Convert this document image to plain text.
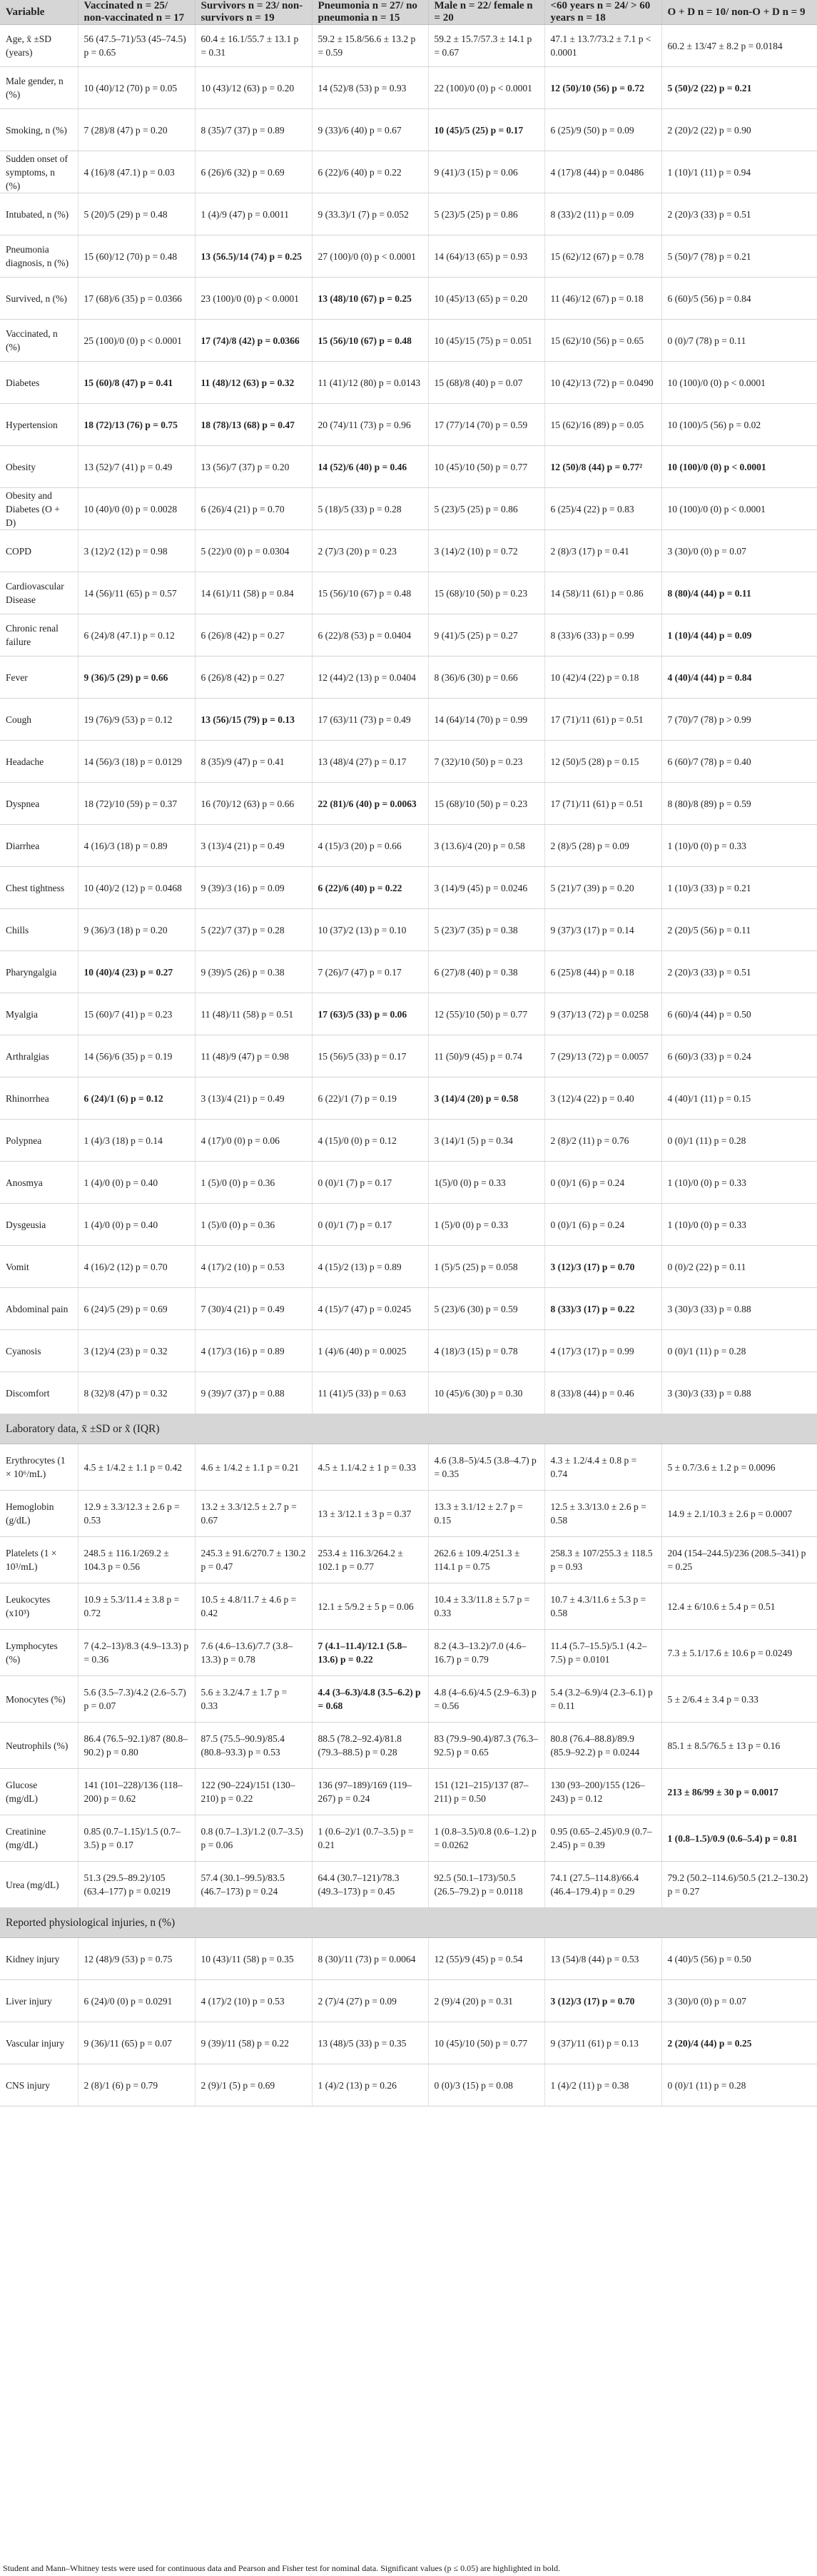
Variable	Vaccinated n = 25/ non-vaccinated n = 17	Survivors n = 23/ non-survivors n = 19	Pneumonia n = 27/ no pneumonia n = 15	Male n = 22/ female n = 20	<60 years n = 24/ > 60 years n = 18	O + D n = 10/ non-O + D n = 9
Age, x̄ ±SD (years)	56 (47.5–71)/53 (45–74.5) p = 0.65	60.4 ± 16.1/55.7 ± 13.1 p = 0.31	59.2 ± 15.8/56.6 ± 13.2 p = 0.59	59.2 ± 15.7/57.3 ± 14.1 p = 0.67	47.1 ± 13.7/73.2 ± 7.1 p < 0.0001	60.2 ± 13/47 ± 8.2 p = 0.0184
Male gender, n (%)	10 (40)/12 (70) p = 0.05	10 (43)/12 (63) p = 0.20	14 (52)/8 (53) p = 0.93	22 (100)/0 (0) p < 0.0001	12 (50)/10 (56) p = 0.72	5 (50)/2 (22) p = 0.21
Smoking, n (%)	7 (28)/8 (47) p = 0.20	8 (35)/7 (37) p = 0.89	9 (33)/6 (40) p = 0.67	10 (45)/5 (25) p = 0.17	6 (25)/9 (50) p = 0.09	2 (20)/2 (22) p = 0.90
Sudden onset of symptoms, n (%)	4 (16)/8 (47.1) p = 0.03	6 (26)/6 (32) p = 0.69	6 (22)/6 (40) p = 0.22	9 (41)/3 (15) p = 0.06	4 (17)/8 (44) p = 0.0486	1 (10)/1 (11) p = 0.94
Intubated, n (%)	5 (20)/5 (29) p = 0.48	1 (4)/9 (47) p = 0.0011	9 (33.3)/1 (7) p = 0.052	5 (23)/5 (25) p = 0.86	8 (33)/2 (11) p = 0.09	2 (20)/3 (33) p = 0.51
Pneumonia diagnosis, n (%)	15 (60)/12 (70) p = 0.48	13 (56.5)/14 (74) p = 0.25	27 (100)/0 (0) p < 0.0001	14 (64)/13 (65) p = 0.93	15 (62)/12 (67) p = 0.78	5 (50)/7 (78) p = 0.21
Survived, n (%)	17 (68)/6 (35) p = 0.0366	23 (100)/0 (0) p < 0.0001	13 (48)/10 (67) p = 0.25	10 (45)/13 (65) p = 0.20	11 (46)/12 (67) p = 0.18	6 (60)/5 (56) p = 0.84
Vaccinated, n (%)	25 (100)/0 (0) p < 0.0001	17 (74)/8 (42) p = 0.0366	15 (56)/10 (67) p = 0.48	10 (45)/15 (75) p = 0.051	15 (62)/10 (56) p = 0.65	0 (0)/7 (78) p = 0.11
Diabetes	15 (60)/8 (47) p = 0.41	11 (48)/12 (63) p = 0.32	11 (41)/12 (80) p = 0.0143	15 (68)/8 (40) p = 0.07	10 (42)/13 (72) p = 0.0490	10 (100)/0 (0) p < 0.0001
Hypertension	18 (72)/13 (76) p = 0.75	18 (78)/13 (68) p = 0.47	20 (74)/11 (73) p = 0.96	17 (77)/14 (70) p = 0.59	15 (62)/16 (89) p = 0.05	10 (100)/5 (56) p = 0.02
Obesity	13 (52)/7 (41) p = 0.49	13 (56)/7 (37) p = 0.20	14 (52)/6 (40) p = 0.46	10 (45)/10 (50) p = 0.77	12 (50)/8 (44) p = 0.77²	10 (100)/0 (0) p < 0.0001
Obesity and Diabetes (O + D)	10 (40)/0 (0) p = 0.0028	6 (26)/4 (21) p = 0.70	5 (18)/5 (33) p = 0.28	5 (23)/5 (25) p = 0.86	6 (25)/4 (22) p = 0.83	10 (100)/0 (0) p < 0.0001
COPD	3 (12)/2 (12) p = 0.98	5 (22)/0 (0) p = 0.0304	2 (7)/3 (20) p = 0.23	3 (14)/2 (10) p = 0.72	2 (8)/3 (17) p = 0.41	3 (30)/0 (0) p = 0.07
Cardiovascular Disease	14 (56)/11 (65) p = 0.57	14 (61)/11 (58) p = 0.84	15 (56)/10 (67) p = 0.48	15 (68)/10 (50) p = 0.23	14 (58)/11 (61) p = 0.86	8 (80)/4 (44) p = 0.11
Chronic renal failure	6 (24)/8 (47.1) p = 0.12	6 (26)/8 (42) p = 0.27	6 (22)/8 (53) p = 0.0404	9 (41)/5 (25) p = 0.27	8 (33)/6 (33) p = 0.99	1 (10)/4 (44) p = 0.09
Fever	9 (36)/5 (29) p = 0.66	6 (26)/8 (42) p = 0.27	12 (44)/2 (13) p = 0.0404	8 (36)/6 (30) p = 0.66	10 (42)/4 (22) p = 0.18	4 (40)/4 (44) p = 0.84
Cough	19 (76)/9 (53) p = 0.12	13 (56)/15 (79) p = 0.13	17 (63)/11 (73) p = 0.49	14 (64)/14 (70) p = 0.99	17 (71)/11 (61) p = 0.51	7 (70)/7 (78) p > 0.99
Headache	14 (56)/3 (18) p = 0.0129	8 (35)/9 (47) p = 0.41	13 (48)/4 (27) p = 0.17	7 (32)/10 (50) p = 0.23	12 (50)/5 (28) p = 0.15	6 (60)/7 (78) p = 0.40
Dyspnea	18 (72)/10 (59) p = 0.37	16 (70)/12 (63) p = 0.66	22 (81)/6 (40) p = 0.0063	15 (68)/10 (50) p = 0.23	17 (71)/11 (61) p = 0.51	8 (80)/8 (89) p = 0.59
Diarrhea	4 (16)/3 (18) p = 0.89	3 (13)/4 (21) p = 0.49	4 (15)/3 (20) p = 0.66	3 (13.6)/4 (20) p = 0.58	2 (8)/5 (28) p = 0.09	1 (10)/0 (0) p = 0.33
Chest tightness	10 (40)/2 (12) p = 0.0468	9 (39)/3 (16) p = 0.09	6 (22)/6 (40) p = 0.22	3 (14)/9 (45) p = 0.0246	5 (21)/7 (39) p = 0.20	1 (10)/3 (33) p = 0.21
Chills	9 (36)/3 (18) p = 0.20	5 (22)/7 (37) p = 0.28	10 (37)/2 (13) p = 0.10	5 (23)/7 (35) p = 0.38	9 (37)/3 (17) p = 0.14	2 (20)/5 (56) p = 0.11
Pharyngalgia	10 (40)/4 (23) p = 0.27	9 (39)/5 (26) p = 0.38	7 (26)/7 (47) p = 0.17	6 (27)/8 (40) p = 0.38	6 (25)/8 (44) p = 0.18	2 (20)/3 (33) p = 0.51
Myalgia	15 (60)/7 (41) p = 0.23	11 (48)/11 (58) p = 0.51	17 (63)/5 (33) p = 0.06	12 (55)/10 (50) p = 0.77	9 (37)/13 (72) p = 0.0258	6 (60)/4 (44) p = 0.50
Arthralgias	14 (56)/6 (35) p = 0.19	11 (48)/9 (47) p = 0.98	15 (56)/5 (33) p = 0.17	11 (50)/9 (45) p = 0.74	7 (29)/13 (72) p = 0.0057	6 (60)/3 (33) p = 0.24
Rhinorrhea	6 (24)/1 (6) p = 0.12	3 (13)/4 (21) p = 0.49	6 (22)/1 (7) p = 0.19	3 (14)/4 (20) p = 0.58	3 (12)/4 (22) p = 0.40	4 (40)/1 (11) p = 0.15
Polypnea	1 (4)/3 (18) p = 0.14	4 (17)/0 (0) p = 0.06	4 (15)/0 (0) p = 0.12	3 (14)/1 (5) p = 0.34	2 (8)/2 (11) p = 0.76	0 (0)/1 (11) p = 0.28
Anosmya	1 (4)/0 (0) p = 0.40	1 (5)/0 (0) p = 0.36	0 (0)/1 (7) p = 0.17	1(5)/0 (0) p = 0.33	0 (0)/1 (6) p = 0.24	1 (10)/0 (0) p = 0.33
Dysgeusia	1 (4)/0 (0) p = 0.40	1 (5)/0 (0) p = 0.36	0 (0)/1 (7) p = 0.17	1 (5)/0 (0) p = 0.33	0 (0)/1 (6) p = 0.24	1 (10)/0 (0) p = 0.33
Vomit	4 (16)/2 (12) p = 0.70	4 (17)/2 (10) p = 0.53	4 (15)/2 (13) p = 0.89	1 (5)/5 (25) p = 0.058	3 (12)/3 (17) p = 0.70	0 (0)/2 (22) p = 0.11
Abdominal pain	6 (24)/5 (29) p = 0.69	7 (30)/4 (21) p = 0.49	4 (15)/7 (47) p = 0.0245	5 (23)/6 (30) p = 0.59	8 (33)/3 (17) p = 0.22	3 (30)/3 (33) p = 0.88
Cyanosis	3 (12)/4 (23) p = 0.32	4 (17)/3 (16) p = 0.89	1 (4)/6 (40) p = 0.0025	4 (18)/3 (15) p = 0.78	4 (17)/3 (17) p = 0.99	0 (0)/1 (11) p = 0.28
Discomfort	8 (32)/8 (47) p = 0.32	9 (39)/7 (37) p = 0.88	11 (41)/5 (33) p = 0.63	10 (45)/6 (30) p = 0.30	8 (33)/8 (44) p = 0.46	3 (30)/3 (33) p = 0.88
Laboratory data, x̄ ±SD or x̃ (IQR)						
Erythrocytes (1 × 10⁶/mL)	4.5 ± 1/4.2 ± 1.1 p = 0.42	4.6 ± 1/4.2 ± 1.1 p = 0.21	4.5 ± 1.1/4.2 ± 1 p = 0.33	4.6 (3.8–5)/4.5 (3.8–4.7) p = 0.35	4.3 ± 1.2/4.4 ± 0.8 p = 0.74	5 ± 0.7/3.6 ± 1.2 p = 0.0096
Hemoglobin (g/dL)	12.9 ± 3.3/12.3 ± 2.6 p = 0.53	13.2 ± 3.3/12.5 ± 2.7 p = 0.67	13 ± 3/12.1 ± 3 p = 0.37	13.3 ± 3.1/12 ± 2.7 p = 0.15	12.5 ± 3.3/13.0 ± 2.6 p = 0.58	14.9 ± 2.1/10.3 ± 2.6 p = 0.0007
Platelets (1 × 10³/mL)	248.5 ± 116.1/269.2 ± 104.3 p = 0.56	245.3 ± 91.6/270.7 ± 130.2 p = 0.47	253.4 ± 116.3/264.2 ± 102.1 p = 0.77	262.6 ± 109.4/251.3 ± 114.1 p = 0.75	258.3 ± 107/255.3 ± 118.5 p = 0.93	204 (154–244.5)/236 (208.5–341) p = 0.25
Leukocytes (x10³)	10.9 ± 5.3/11.4 ± 3.8 p = 0.72	10.5 ± 4.8/11.7 ± 4.6 p = 0.42	12.1 ± 5/9.2 ± 5 p = 0.06	10.4 ± 3.3/11.8 ± 5.7 p = 0.33	10.7 ± 4.3/11.6 ± 5.3 p = 0.58	12.4 ± 6/10.6 ± 5.4 p = 0.51
Lymphocytes (%)	7 (4.2–13)/8.3 (4.9–13.3) p = 0.36	7.6 (4.6–13.6)/7.7 (3.8–13.3) p = 0.78	7 (4.1–11.4)/12.1 (5.8–13.6) p = 0.22	8.2 (4.3–13.2)/7.0 (4.6–16.7) p = 0.79	11.4 (5.7–15.5)/5.1 (4.2–7.5) p = 0.0101	7.3 ± 5.1/17.6 ± 10.6 p = 0.0249
Monocytes (%)	5.6 (3.5–7.3)/4.2 (2.6–5.7) p = 0.07	5.6 ± 3.2/4.7 ± 1.7 p = 0.33	4.4 (3–6.3)/4.8 (3.5–6.2) p = 0.68	4.8 (4–6.6)/4.5 (2.9–6.3) p = 0.56	5.4 (3.2–6.9)/4 (2.3–6.1) p = 0.11	5 ± 2/6.4 ± 3.4 p = 0.33
Neutrophils (%)	86.4 (76.5–92.1)/87 (80.8–90.2) p = 0.80	87.5 (75.5–90.9)/85.4 (80.8–93.3) p = 0.53	88.5 (78.2–92.4)/81.8 (79.3–88.5) p = 0.28	83 (79.9–90.4)/87.3 (76.3–92.5) p = 0.65	80.8 (76.4–88.8)/89.9 (85.9–92.2) p = 0.0244	85.1 ± 8.5/76.5 ± 13 p = 0.16
Glucose (mg/dL)	141 (101–228)/136 (118–200) p = 0.62	122 (90–224)/151 (130–210) p = 0.22	136 (97–189)/169 (119–267) p = 0.24	151 (121–215)/137 (87–211) p = 0.50	130 (93–200)/155 (126–243) p = 0.12	213 ± 86/99 ± 30 p = 0.0017
Creatinine (mg/dL)	0.85 (0.7–1.15)/1.5 (0.7–3.5) p = 0.17	0.8 (0.7–1.3)/1.2 (0.7–3.5) p = 0.06	1 (0.6–2)/1 (0.7–3.5) p = 0.21	1 (0.8–3.5)/0.8 (0.6–1.2) p = 0.0262	0.95 (0.65–2.45)/0.9 (0.7–2.45) p = 0.39	1 (0.8–1.5)/0.9 (0.6–5.4) p = 0.81
Urea (mg/dL)	51.3 (29.5–89.2)/105 (63.4–177) p = 0.0219	57.4 (30.1–99.5)/83.5 (46.7–173) p = 0.24	64.4 (30.7–121)/78.3 (49.3–173) p = 0.45	92.5 (50.1–173)/50.5 (26.5–79.2) p = 0.0118	74.1 (27.5–114.8)/66.4 (46.4–179.4) p = 0.29	79.2 (50.2–114.6)/50.5 (21.2–130.2) p = 0.27
Reported physiological injuries, n (%)						
Kidney injury	12 (48)/9 (53) p = 0.75	10 (43)/11 (58) p = 0.35	8 (30)/11 (73) p = 0.0064	12 (55)/9 (45) p = 0.54	13 (54)/8 (44) p = 0.53	4 (40)/5 (56) p = 0.50
Liver injury	6 (24)/0 (0) p = 0.0291	4 (17)/2 (10) p = 0.53	2 (7)/4 (27) p = 0.09	2 (9)/4 (20) p = 0.31	3 (12)/3 (17) p = 0.70	3 (30)/0 (0) p = 0.07
Vascular injury	9 (36)/11 (65) p = 0.07	9 (39)/11 (58) p = 0.22	13 (48)/5 (33) p = 0.35	10 (45)/10 (50) p = 0.77	9 (37)/11 (61) p = 0.13	2 (20)/4 (44) p = 0.25
CNS injury	2 (8)/1 (6) p = 0.79	2 (9)/1 (5) p = 0.69	1 (4)/2 (13) p = 0.26	0 (0)/3 (15) p = 0.08	1 (4)/2 (11) p = 0.38	0 (0)/1 (11) p = 0.28
Student and Mann–Whitney tests were used for continuous data and Pearson and Fisher test for nominal data. Significant values (p ≤ 0.05) are highlighted in bold.
